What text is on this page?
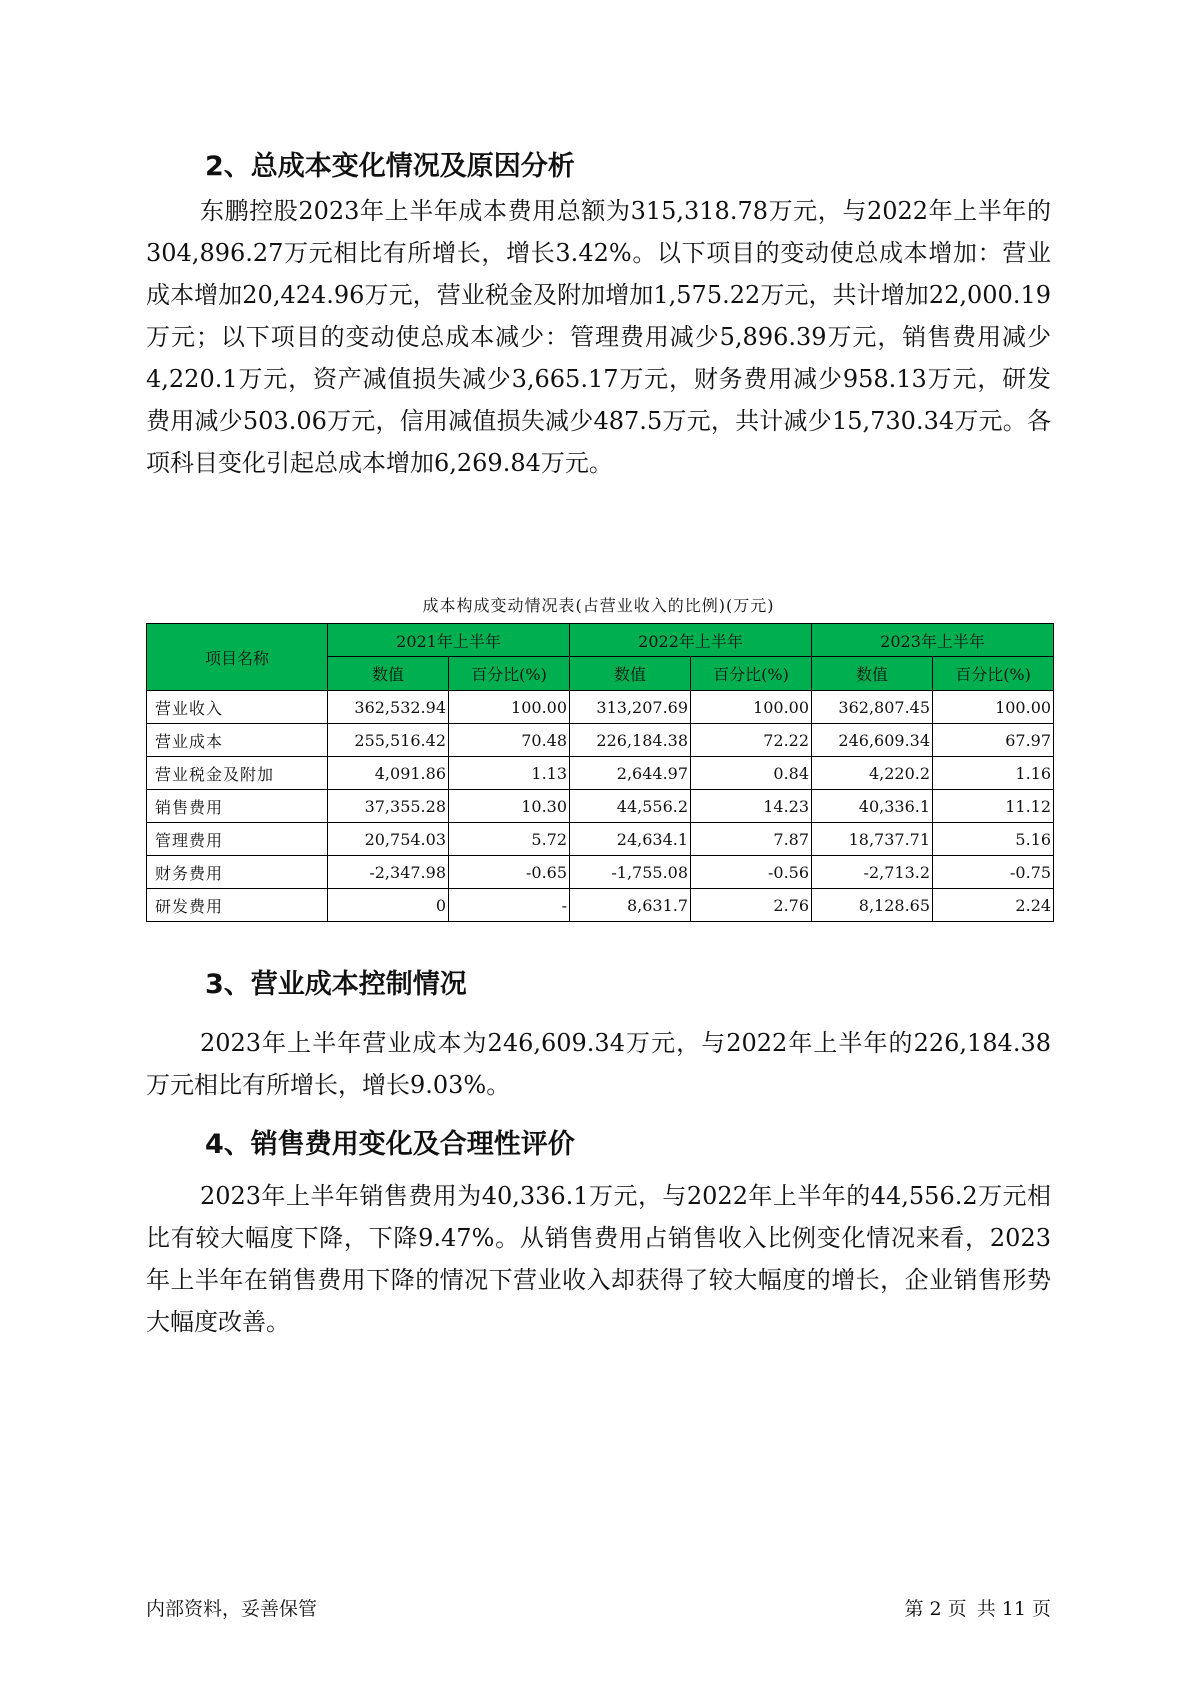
2、总成本变化情况及原因分析

东鹏控股2023年上半年成本费用总额为315,318.78万元，与2022年上半年的304,896.27万元相比有所增长，增长3.42%。以下项目的变动使总成本增加：营业成本增加20,424.96万元，营业税金及附加增加1,575.22万元，共计增加22,000.19万元；以下项目的变动使总成本减少：管理费用减少5,896.39万元，销售费用减少4,220.1万元，资产减值损失减少3,665.17万元，财务费用减少958.13万元，研发费用减少503.06万元，信用减值损失减少487.5万元，共计减少15,730.34万元。各项科目变化引起总成本增加6,269.84万元。

成本构成变动情况表(占营业收入的比例)(万元)
项目名称	2021年上半年		2022年上半年		2023年上半年	
	数值	百分比(%)	数值	百分比(%)	数值	百分比(%)
营业收入	362,532.94	100.00	313,207.69	100.00	362,807.45	100.00
营业成本	255,516.42	70.48	226,184.38	72.22	246,609.34	67.97
营业税金及附加	4,091.86	1.13	2,644.97	0.84	4,220.2	1.16
销售费用	37,355.28	10.30	44,556.2	14.23	40,336.1	11.12
管理费用	20,754.03	5.72	24,634.1	7.87	18,737.71	5.16
财务费用	-2,347.98	-0.65	-1,755.08	-0.56	-2,713.2	-0.75
研发费用	0	-	8,631.7	2.76	8,128.65	2.24
3、营业成本控制情况

2023年上半年营业成本为246,609.34万元，与2022年上半年的226,184.38万元相比有所增长，增长9.03%。

4、销售费用变化及合理性评价

2023年上半年销售费用为40,336.1万元，与2022年上半年的44,556.2万元相比有较大幅度下降，下降9.47%。从销售费用占销售收入比例变化情况来看，2023年上半年在销售费用下降的情况下营业收入却获得了较大幅度的增长，企业销售形势大幅度改善。

内部资料，妥善保管	第 2 页 共 11 页
